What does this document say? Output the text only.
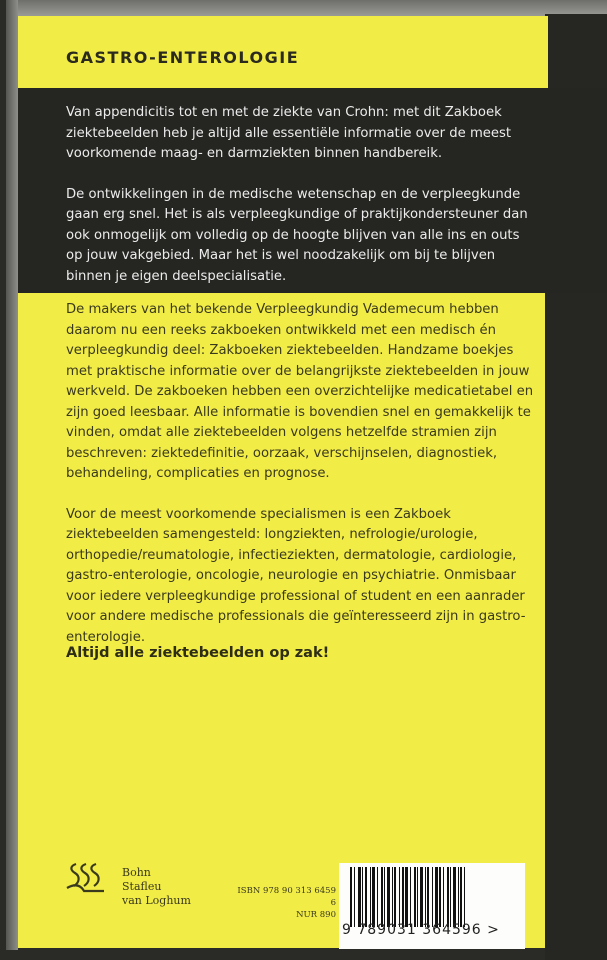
GASTRO-ENTEROLOGIE

Van appendicitis tot en met de ziekte van Crohn: met dit Zakboek ziektebeelden heb je altijd alle essentiële informatie over de meest voorkomende maag- en darmziekten binnen handbereik.

De ontwikkelingen in de medische wetenschap en de verpleegkunde gaan erg snel. Het is als verpleegkundige of praktijkondersteuner dan ook onmogelijk om volledig op de hoogte blijven van alle ins en outs op jouw vakgebied. Maar het is wel noodzakelijk om bij te blijven binnen je eigen deelspecialisatie.

De makers van het bekende Verpleegkundig Vademecum hebben daarom nu een reeks zakboeken ontwikkeld met een medisch én verpleegkundig deel: Zakboeken ziektebeelden. Handzame boekjes met praktische informatie over de belangrijkste ziektebeelden in jouw werkveld. De zakboeken hebben een overzichtelijke medicatietabel en zijn goed leesbaar. Alle informatie is bovendien snel en gemakkelijk te vinden, omdat alle ziektebeelden volgens hetzelfde stramien zijn beschreven: ziektedefinitie, oorzaak, verschijnselen, diagnostiek, behandeling, complicaties en prognose.

Voor de meest voorkomende specialismen is een Zakboek ziektebeelden samengesteld: longziekten, nefrologie/urologie, orthopedie/reumatologie, infectieziekten, dermatologie, cardiologie, gastro-enterologie, oncologie, neurologie en psychiatrie. Onmisbaar voor iedere verpleegkundige professional of student en een aanrader voor andere medische professionals die geïnteresseerd zijn in gastro-enterologie.

Altijd alle ziektebeelden op zak!
Bohn
Stafleu
van Loghum
ISBN 978 90 313 6459 6
NUR 890
9 789031 364596 >
